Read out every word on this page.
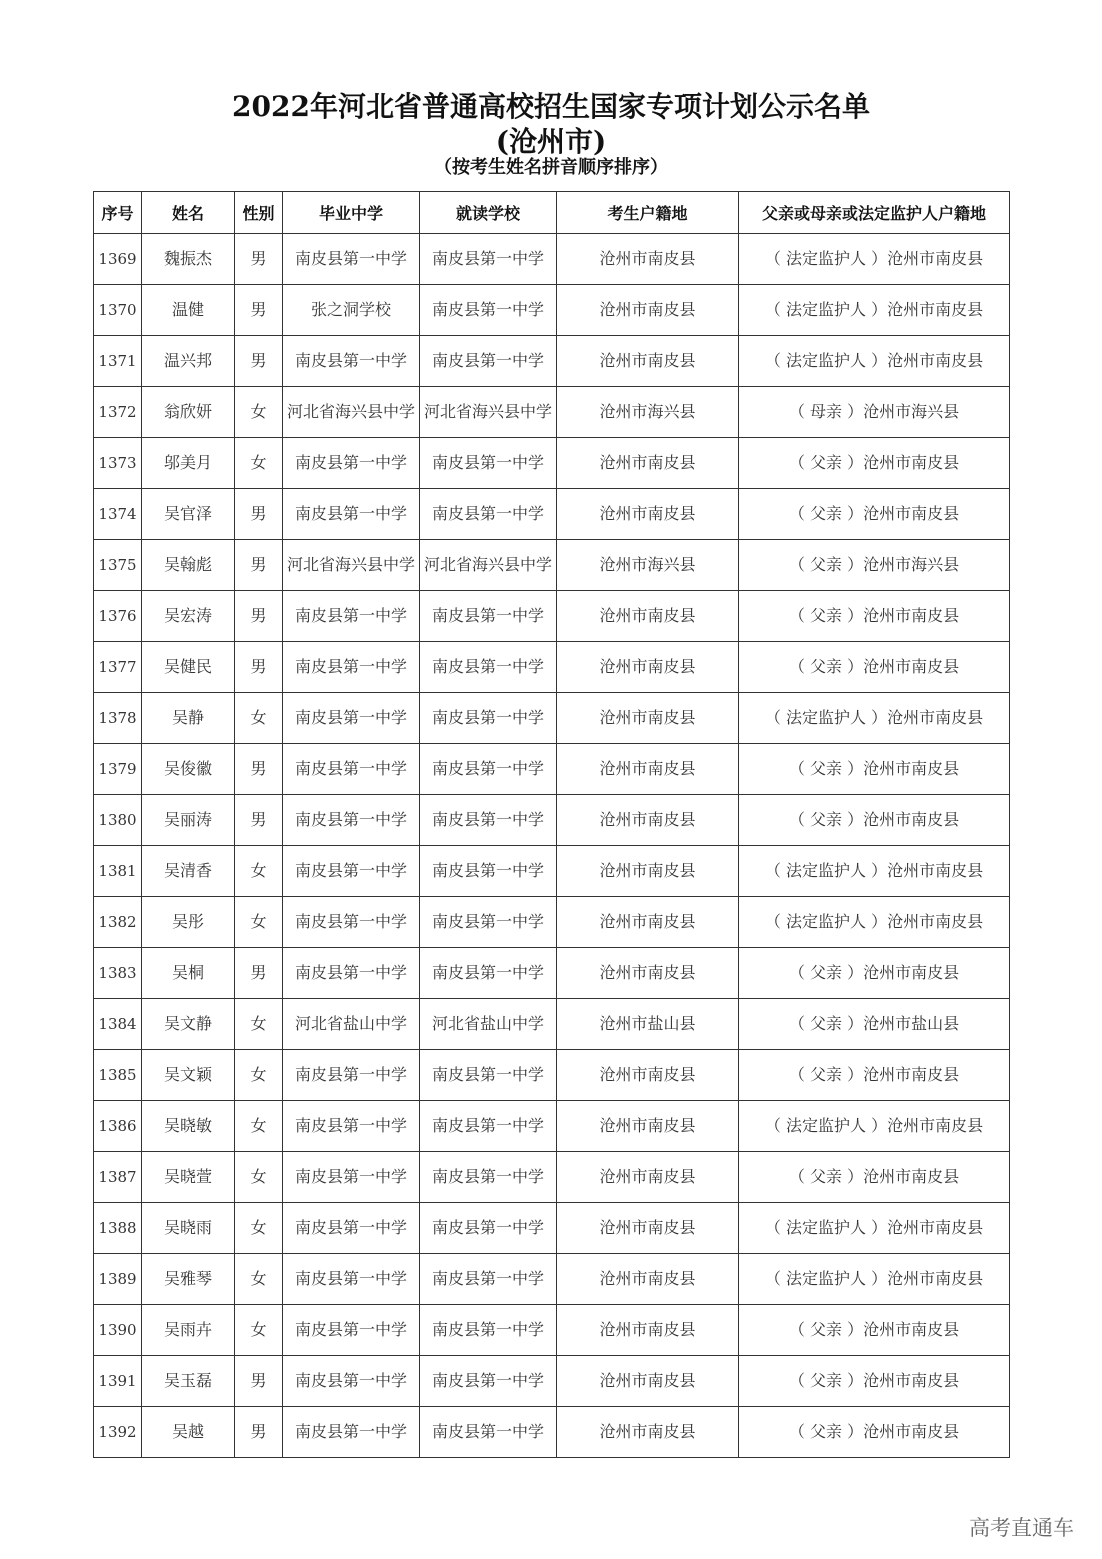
2022年河北省普通高校招生国家专项计划公示名单
(沧州市)
（按考生姓名拼音顺序排序）
序号	姓名	性别	毕业中学	就读学校	考生户籍地	父亲或母亲或法定监护人户籍地
1369	魏振杰	男	南皮县第一中学	南皮县第一中学	沧州市南皮县	（ 法定监护人 ）沧州市南皮县
1370	温健	男	张之洞学校	南皮县第一中学	沧州市南皮县	（ 法定监护人 ）沧州市南皮县
1371	温兴邦	男	南皮县第一中学	南皮县第一中学	沧州市南皮县	（ 法定监护人 ）沧州市南皮县
1372	翁欣妍	女	河北省海兴县中学	河北省海兴县中学	沧州市海兴县	（ 母亲 ）沧州市海兴县
1373	邬美月	女	南皮县第一中学	南皮县第一中学	沧州市南皮县	（ 父亲 ）沧州市南皮县
1374	吴官泽	男	南皮县第一中学	南皮县第一中学	沧州市南皮县	（ 父亲 ）沧州市南皮县
1375	吴翰彪	男	河北省海兴县中学	河北省海兴县中学	沧州市海兴县	（ 父亲 ）沧州市海兴县
1376	吴宏涛	男	南皮县第一中学	南皮县第一中学	沧州市南皮县	（ 父亲 ）沧州市南皮县
1377	吴健民	男	南皮县第一中学	南皮县第一中学	沧州市南皮县	（ 父亲 ）沧州市南皮县
1378	吴静	女	南皮县第一中学	南皮县第一中学	沧州市南皮县	（ 法定监护人 ）沧州市南皮县
1379	吴俊徽	男	南皮县第一中学	南皮县第一中学	沧州市南皮县	（ 父亲 ）沧州市南皮县
1380	吴丽涛	男	南皮县第一中学	南皮县第一中学	沧州市南皮县	（ 父亲 ）沧州市南皮县
1381	吴清香	女	南皮县第一中学	南皮县第一中学	沧州市南皮县	（ 法定监护人 ）沧州市南皮县
1382	吴彤	女	南皮县第一中学	南皮县第一中学	沧州市南皮县	（ 法定监护人 ）沧州市南皮县
1383	吴桐	男	南皮县第一中学	南皮县第一中学	沧州市南皮县	（ 父亲 ）沧州市南皮县
1384	吴文静	女	河北省盐山中学	河北省盐山中学	沧州市盐山县	（ 父亲 ）沧州市盐山县
1385	吴文颖	女	南皮县第一中学	南皮县第一中学	沧州市南皮县	（ 父亲 ）沧州市南皮县
1386	吴晓敏	女	南皮县第一中学	南皮县第一中学	沧州市南皮县	（ 法定监护人 ）沧州市南皮县
1387	吴晓萱	女	南皮县第一中学	南皮县第一中学	沧州市南皮县	（ 父亲 ）沧州市南皮县
1388	吴晓雨	女	南皮县第一中学	南皮县第一中学	沧州市南皮县	（ 法定监护人 ）沧州市南皮县
1389	吴雅琴	女	南皮县第一中学	南皮县第一中学	沧州市南皮县	（ 法定监护人 ）沧州市南皮县
1390	吴雨卉	女	南皮县第一中学	南皮县第一中学	沧州市南皮县	（ 父亲 ）沧州市南皮县
1391	吴玉磊	男	南皮县第一中学	南皮县第一中学	沧州市南皮县	（ 父亲 ）沧州市南皮县
1392	吴越	男	南皮县第一中学	南皮县第一中学	沧州市南皮县	（ 父亲 ）沧州市南皮县
高考直通车
